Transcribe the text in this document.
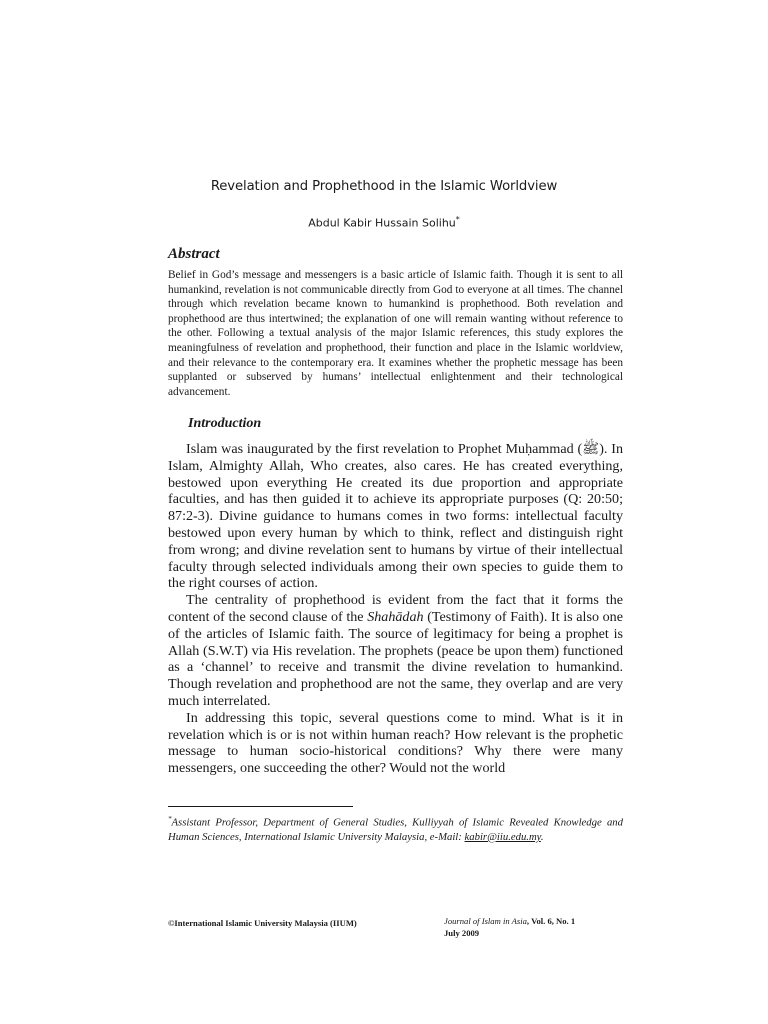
Revelation and Prophethood in the Islamic Worldview
Abdul Kabir Hussain Solihu*
Abstract

Belief in God’s message and messengers is a basic article of Islamic faith. Though it is sent to all humankind, revelation is not communicable directly from God to everyone at all times. The channel through which revelation became known to humankind is prophethood. Both revelation and prophethood are thus intertwined; the explanation of one will remain wanting without reference to the other. Following a textual analysis of the major Islamic references, this study explores the meaningfulness of revelation and prophethood, their function and place in the Islamic worldview, and their relevance to the contemporary era. It examines whether the prophetic message has been supplanted or subserved by humans’ intellectual enlightenment and their technological advancement.

Introduction

Islam was inaugurated by the first revelation to Prophet Muḥammad (ﷺ). In Islam, Almighty Allah, Who creates, also cares. He has created everything, bestowed upon everything He created its due proportion and appropriate faculties, and has then guided it to achieve its appropriate purposes (Q: 20:50; 87:2-3). Divine guidance to humans comes in two forms: intellectual faculty bestowed upon every human by which to think, reflect and distinguish right from wrong; and divine revelation sent to humans by virtue of their intellectual faculty through selected individuals among their own species to guide them to the right courses of action.

The centrality of prophethood is evident from the fact that it forms the content of the second clause of the Shahādah (Testimony of Faith). It is also one of the articles of Islamic faith. The source of legitimacy for being a prophet is Allah (S.W.T) via His revelation. The prophets (peace be upon them) functioned as a ‘channel’ to receive and transmit the divine revelation to humankind. Though revelation and prophethood are not the same, they overlap and are very much interrelated.

In addressing this topic, several questions come to mind. What is it in revelation which is or is not within human reach? How relevant is the prophetic message to human socio-historical conditions? Why there were many messengers, one succeeding the other? Would not the world

*Assistant Professor, Department of General Studies, Kulliyyah of Islamic Revealed Knowledge and Human Sciences, International Islamic University Malaysia, e-Mail: kabir@iiu.edu.my.

©International Islamic University Malaysia (IIUM)	Journal of Islam in Asia, Vol. 6, No. 1
July 2009
